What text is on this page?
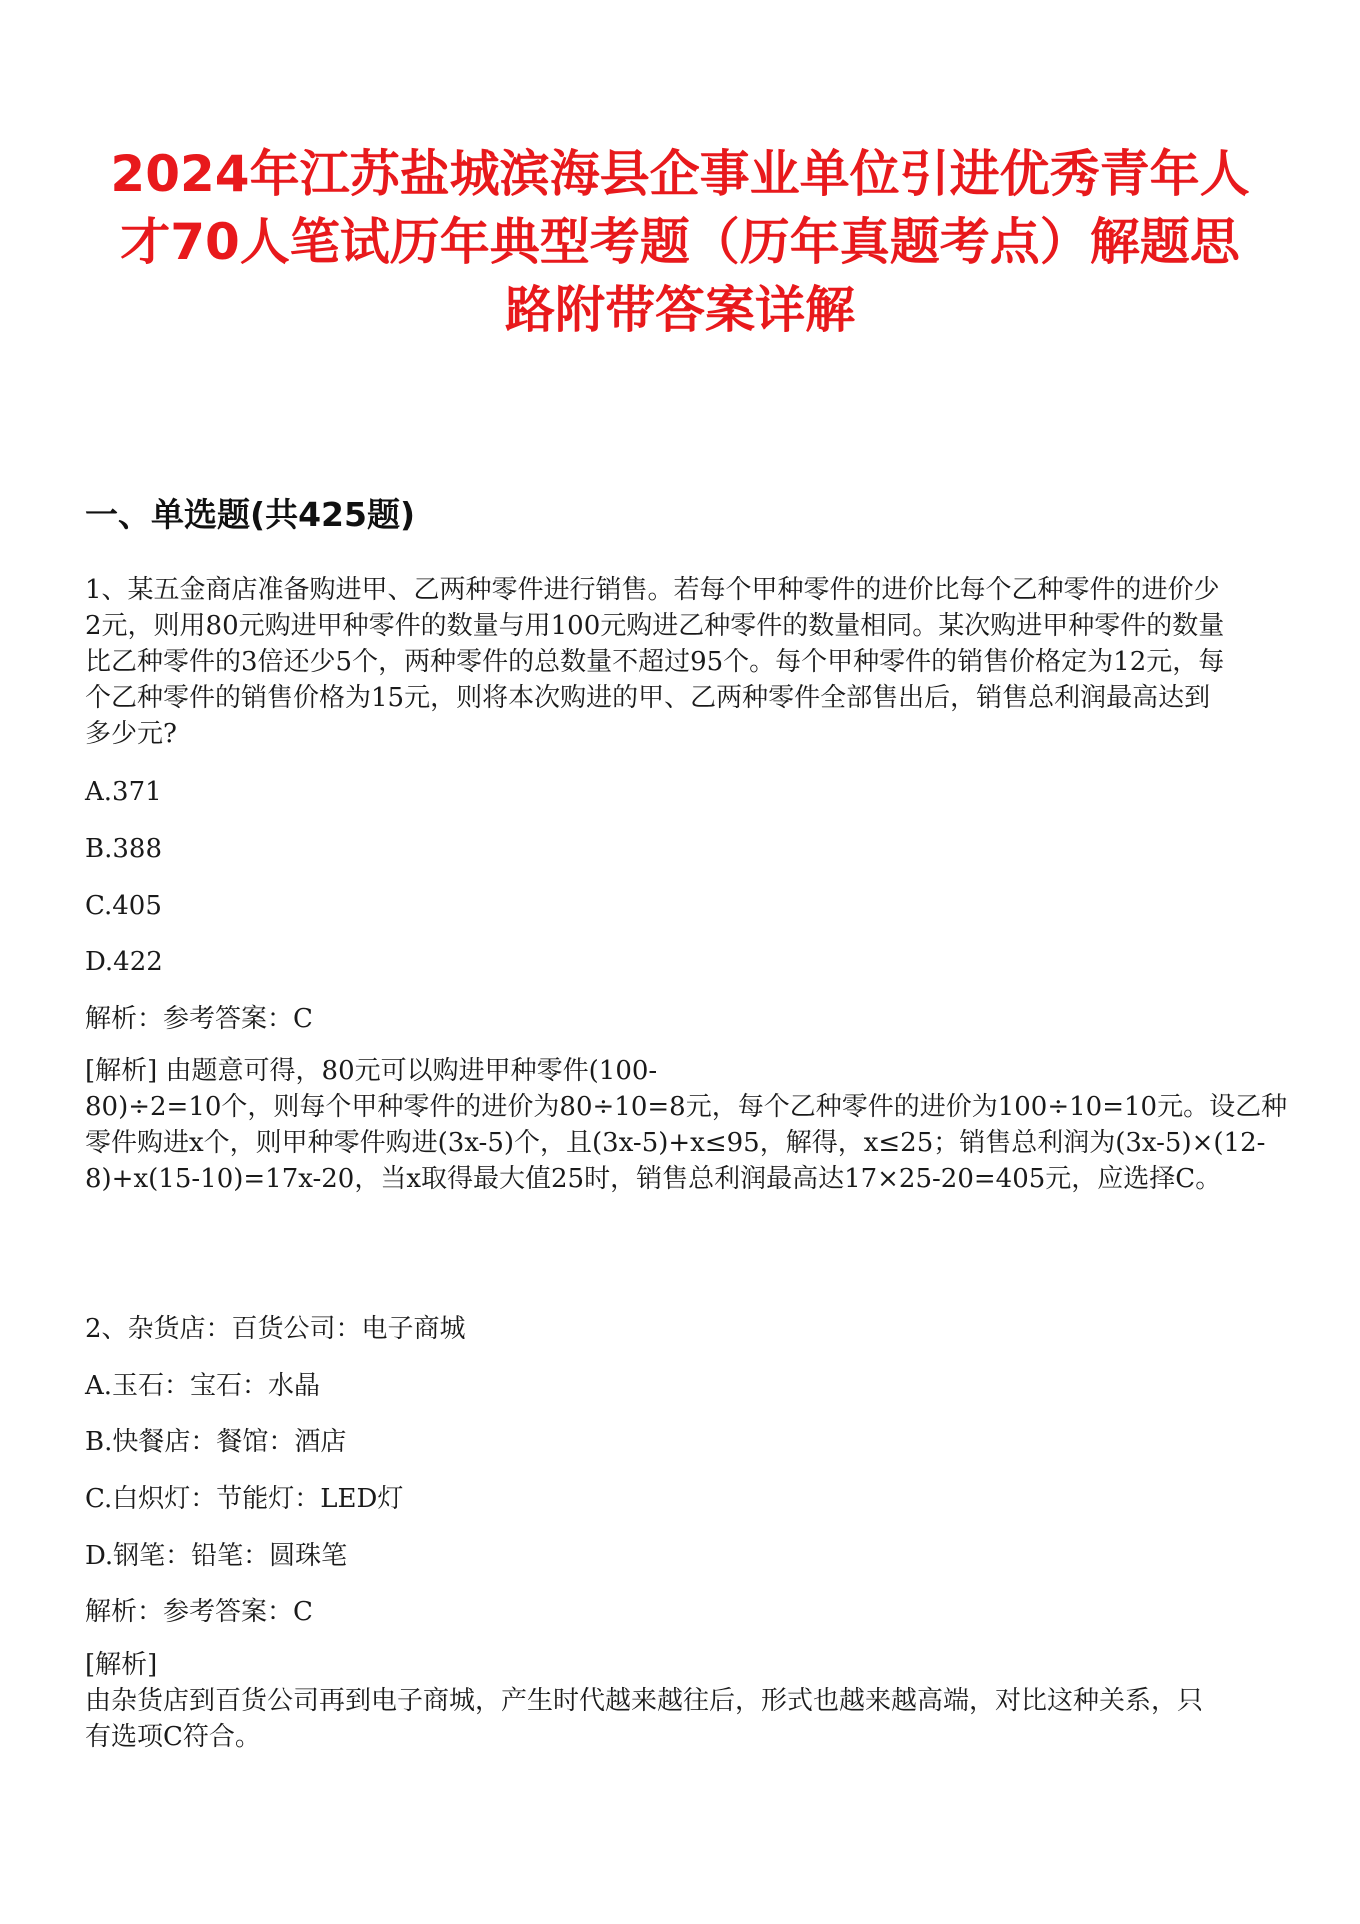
2024年江苏盐城滨海县企事业单位引进优秀青年人
才70人笔试历年典型考题（历年真题考点）解题思
路附带答案详解
一、单选题(共425题)
1、某五金商店准备购进甲、乙两种零件进行销售。若每个甲种零件的进价比每个乙种零件的进价少
2元，则用80元购进甲种零件的数量与用100元购进乙种零件的数量相同。某次购进甲种零件的数量
比乙种零件的3倍还少5个，两种零件的总数量不超过95个。每个甲种零件的销售价格定为12元，每
个乙种零件的销售价格为15元，则将本次购进的甲、乙两种零件全部售出后，销售总利润最高达到
多少元?
A.371
B.388
C.405
D.422
解析：参考答案：C
[解析] 由题意可得，80元可以购进甲种零件(100-
80)÷2=10个，则每个甲种零件的进价为80÷10=8元，每个乙种零件的进价为100÷10=10元。设乙种
零件购进x个，则甲种零件购进(3x-5)个，且(3x-5)+x≤95，解得，x≤25；销售总利润为(3x-5)×(12-
8)+x(15-10)=17x-20，当x取得最大值25时，销售总利润最高达17×25-20=405元，应选择C。
2、杂货店：百货公司：电子商城
A.玉石：宝石：水晶
B.快餐店：餐馆：酒店
C.白炽灯：节能灯：LED灯
D.钢笔：铅笔：圆珠笔
解析：参考答案：C
[解析]
由杂货店到百货公司再到电子商城，产生时代越来越往后，形式也越来越高端，对比这种关系，只
有选项C符合。
